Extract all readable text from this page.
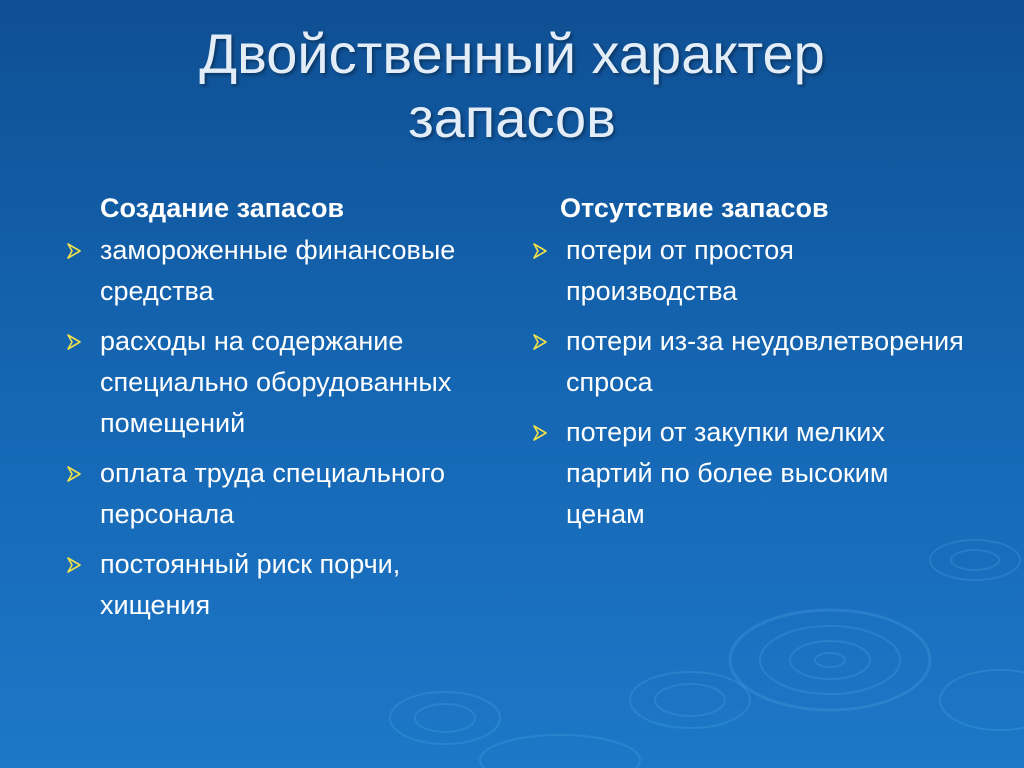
Двойственный характер
запасов
Создание запасов
замороженные финансовые средства
расходы на содержание специально оборудованных помещений
оплата труда специального персонала
постоянный риск порчи, хищения
Отсутствие запасов
потери от простоя производства
потери из-за неудовлетворения спроса
потери от закупки мелких партий по более высоким ценам
